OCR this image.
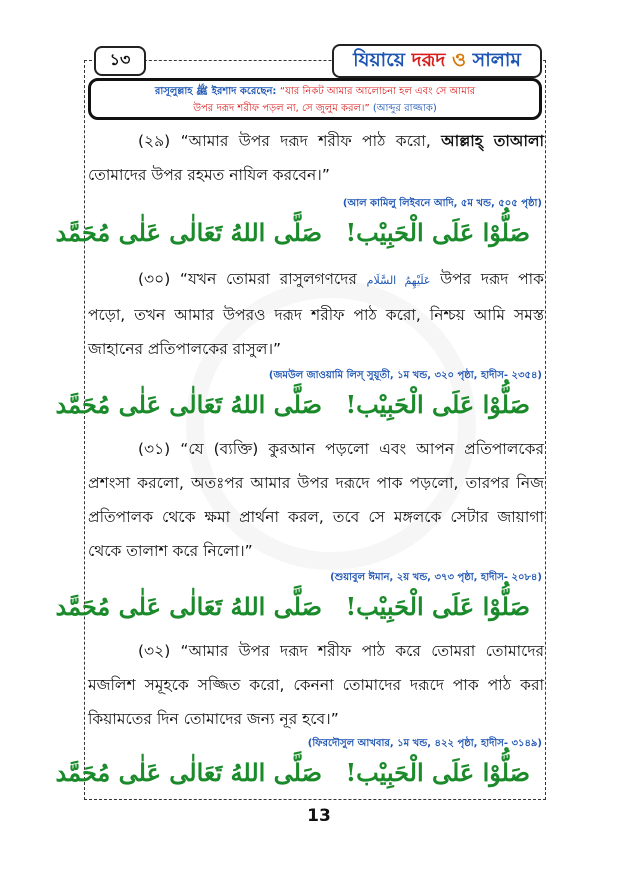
১৩	যিয়ায়ে দরূদ ও সালাম
রাসূলুল্লাহ ﷺ ইরশাদ করেছেন: “যার নিকট আমার আলোচনা হল এবং সে আমার
উপর দরূদ শরীফ পড়ল না, সে জুলুম করল।” (আব্দুর রাজ্জাক)
(২৯) “আমার উপর দরূদ শরীফ পাঠ করো, আল্লাহ্ তাআলা তোমাদের উপর রহমত নাযিল করবেন।”
(আল কামিলু লিইবনে আদি, ৫ম খন্ড, ৫০৫ পৃষ্ঠা)
صَلُّوْا عَلَى الْحَبِيْب!
صَلَّى اللهُ تَعَالٰى عَلٰى مُحَمَّد
(৩০) “যখন তোমরা রাসুলগণদের عَلَيْهِمُ السَّلَام উপর দরূদ পাক পড়ো, তখন আমার উপরও দরূদ শরীফ পাঠ করো, নিশ্চয় আমি সমস্ত জাহানের প্রতিপালকের রাসুল।”
(জমউল জাওয়ামি লিস্ সুয়ূতী, ১ম খন্ড, ৩২০ পৃষ্ঠা, হাদীস- ২৩৫৪)
صَلُّوْا عَلَى الْحَبِيْب!
صَلَّى اللهُ تَعَالٰى عَلٰى مُحَمَّد
(৩১) “যে (ব্যক্তি) কুরআন পড়লো এবং আপন প্রতিপালকের প্রশংসা করলো, অতঃপর আমার উপর দরূদে পাক পড়লো, তারপর নিজ প্রতিপালক থেকে ক্ষমা প্রার্থনা করল, তবে সে মঙ্গলকে সেটার জায়াগা থেকে তালাশ করে নিলো।”
(শুয়াবুল ঈমান, ২য় খন্ড, ৩৭৩ পৃষ্ঠা, হাদীস- ২০৮৪)
صَلُّوْا عَلَى الْحَبِيْب!
صَلَّى اللهُ تَعَالٰى عَلٰى مُحَمَّد
(৩২) “আমার উপর দরূদ শরীফ পাঠ করে তোমরা তোমাদের মজলিশ সমূহকে সজ্জিত করো, কেননা তোমাদের দরূদে পাক পাঠ করা কিয়ামতের দিন তোমাদের জন্য নূর হবে।”
(ফিরদৌসুল আখবার, ১ম খন্ড, ৪২২ পৃষ্ঠা, হাদীস- ৩১৪৯)
صَلُّوْا عَلَى الْحَبِيْب!
صَلَّى اللهُ تَعَالٰى عَلٰى مُحَمَّد
13
